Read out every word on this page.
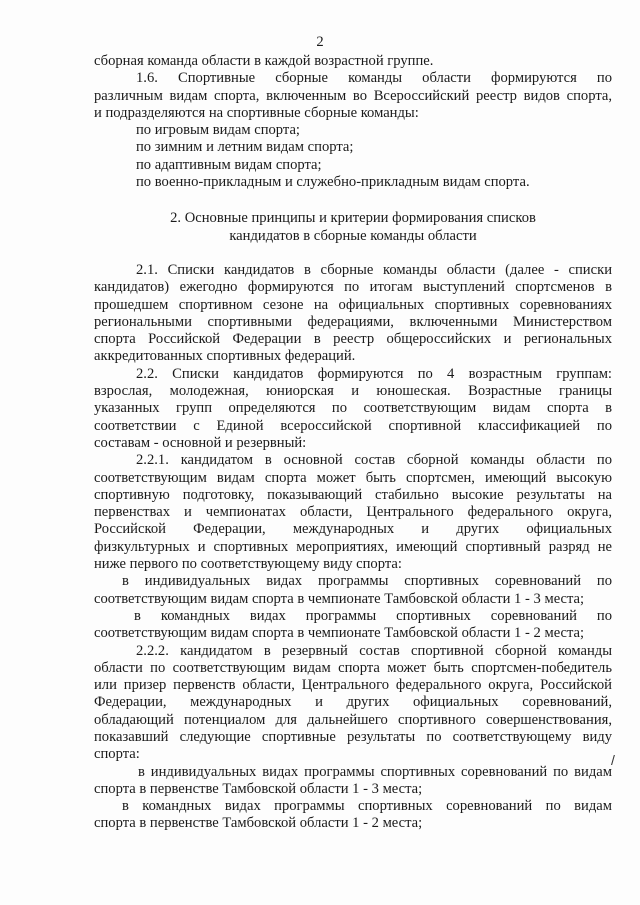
2
сборная команда области в каждой возрастной группе.
1.6. Спортивные сборные команды области формируются по
различным видам спорта, включенным во Всероссийский реестр видов спорта,
и подразделяются на спортивные сборные команды:
по игровым видам спорта;
по зимним и летним видам спорта;
по адаптивным видам спорта;
по военно-прикладным и служебно-прикладным видам спорта.
2. Основные принципы и критерии формирования списков
кандидатов в сборные команды области
2.1. Списки кандидатов в сборные команды области (далее - списки
кандидатов) ежегодно формируются по итогам выступлений спортсменов в
прошедшем спортивном сезоне на официальных спортивных соревнованиях
региональными спортивными федерациями, включенными Министерством
спорта Российской Федерации в реестр общероссийских и региональных
аккредитованных спортивных федераций.
2.2. Списки кандидатов формируются по 4 возрастным группам:
взрослая, молодежная, юниорская и юношеская. Возрастные границы
указанных групп определяются по соответствующим видам спорта в
соответствии с Единой всероссийской спортивной классификацией по
составам - основной и резервный:
2.2.1. кандидатом в основной состав сборной команды области по
соответствующим видам спорта может быть спортсмен, имеющий высокую
спортивную подготовку, показывающий стабильно высокие результаты на
первенствах и чемпионатах области, Центрального федерального округа,
Российской Федерации, международных и других официальных
физкультурных и спортивных мероприятиях, имеющий спортивный разряд не
ниже первого по соответствующему виду спорта:
в индивидуальных видах программы спортивных соревнований по
соответствующим видам спорта в чемпионате Тамбовской области 1 - 3 места;
в командных видах программы спортивных соревнований по
соответствующим видам спорта в чемпионате Тамбовской области 1 - 2 места;
2.2.2. кандидатом в резервный состав спортивной сборной команды
области по соответствующим видам спорта может быть спортсмен-победитель
или призер первенств области, Центрального федерального округа, Российской
Федерации, международных и других официальных соревнований,
обладающий потенциалом для дальнейшего спортивного совершенствования,
показавший следующие спортивные результаты по соответствующему виду
спорта:
в индивидуальных видах программы спортивных соревнований по видам
спорта в первенстве Тамбовской области 1 - 3 места;
в командных видах программы спортивных соревнований по видам
спорта в первенстве Тамбовской области 1 - 2 места;
/
